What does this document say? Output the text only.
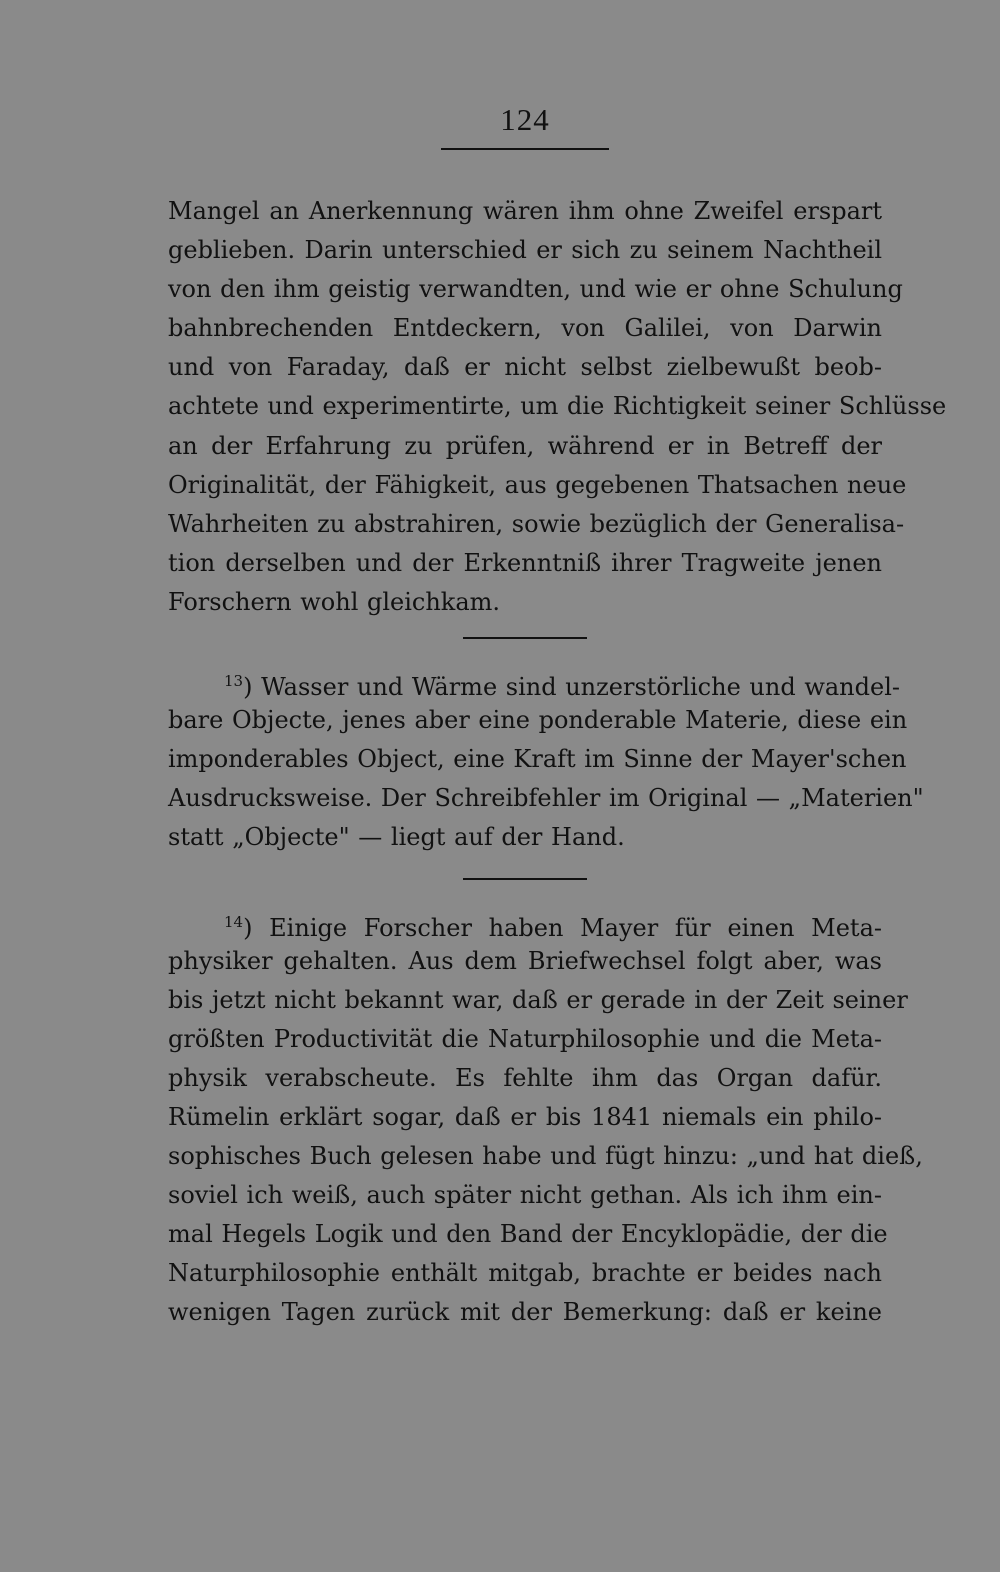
124
Mangel an Anerkennung wären ihm ohne Zweifel erspart
geblieben. Darin unterschied er sich zu seinem Nachtheil
von den ihm geistig verwandten, und wie er ohne Schulung
bahnbrechenden Entdeckern, von Galilei, von Darwin
und von Faraday, daß er nicht selbst zielbewußt beob-
achtete und experimentirte, um die Richtigkeit seiner Schlüsse
an der Erfahrung zu prüfen, während er in Betreff der
Originalität, der Fähigkeit, aus gegebenen Thatsachen neue
Wahrheiten zu abstrahiren, sowie bezüglich der Generalisa-
tion derselben und der Erkenntniß ihrer Tragweite jenen
Forschern wohl gleichkam.
$^{13}$) Wasser und Wärme sind unzerstörliche und wandel-
bare Objecte, jenes aber eine ponderable Materie, diese ein
imponderables Object, eine Kraft im Sinne der Mayer'schen
Ausdrucksweise. Der Schreibfehler im Original — „Materien"
statt „Objecte" — liegt auf der Hand.
$^{14}$) Einige Forscher haben Mayer für einen Meta-
physiker gehalten. Aus dem Briefwechsel folgt aber, was
bis jetzt nicht bekannt war, daß er gerade in der Zeit seiner
größten Productivität die Naturphilosophie und die Meta-
physik verabscheute. Es fehlte ihm das Organ dafür.
Rümelin erklärt sogar, daß er bis 1841 niemals ein philo-
sophisches Buch gelesen habe und fügt hinzu: „und hat dieß,
soviel ich weiß, auch später nicht gethan. Als ich ihm ein-
mal Hegels Logik und den Band der Encyklopädie, der die
Naturphilosophie enthält mitgab, brachte er beides nach
wenigen Tagen zurück mit der Bemerkung: daß er keine
